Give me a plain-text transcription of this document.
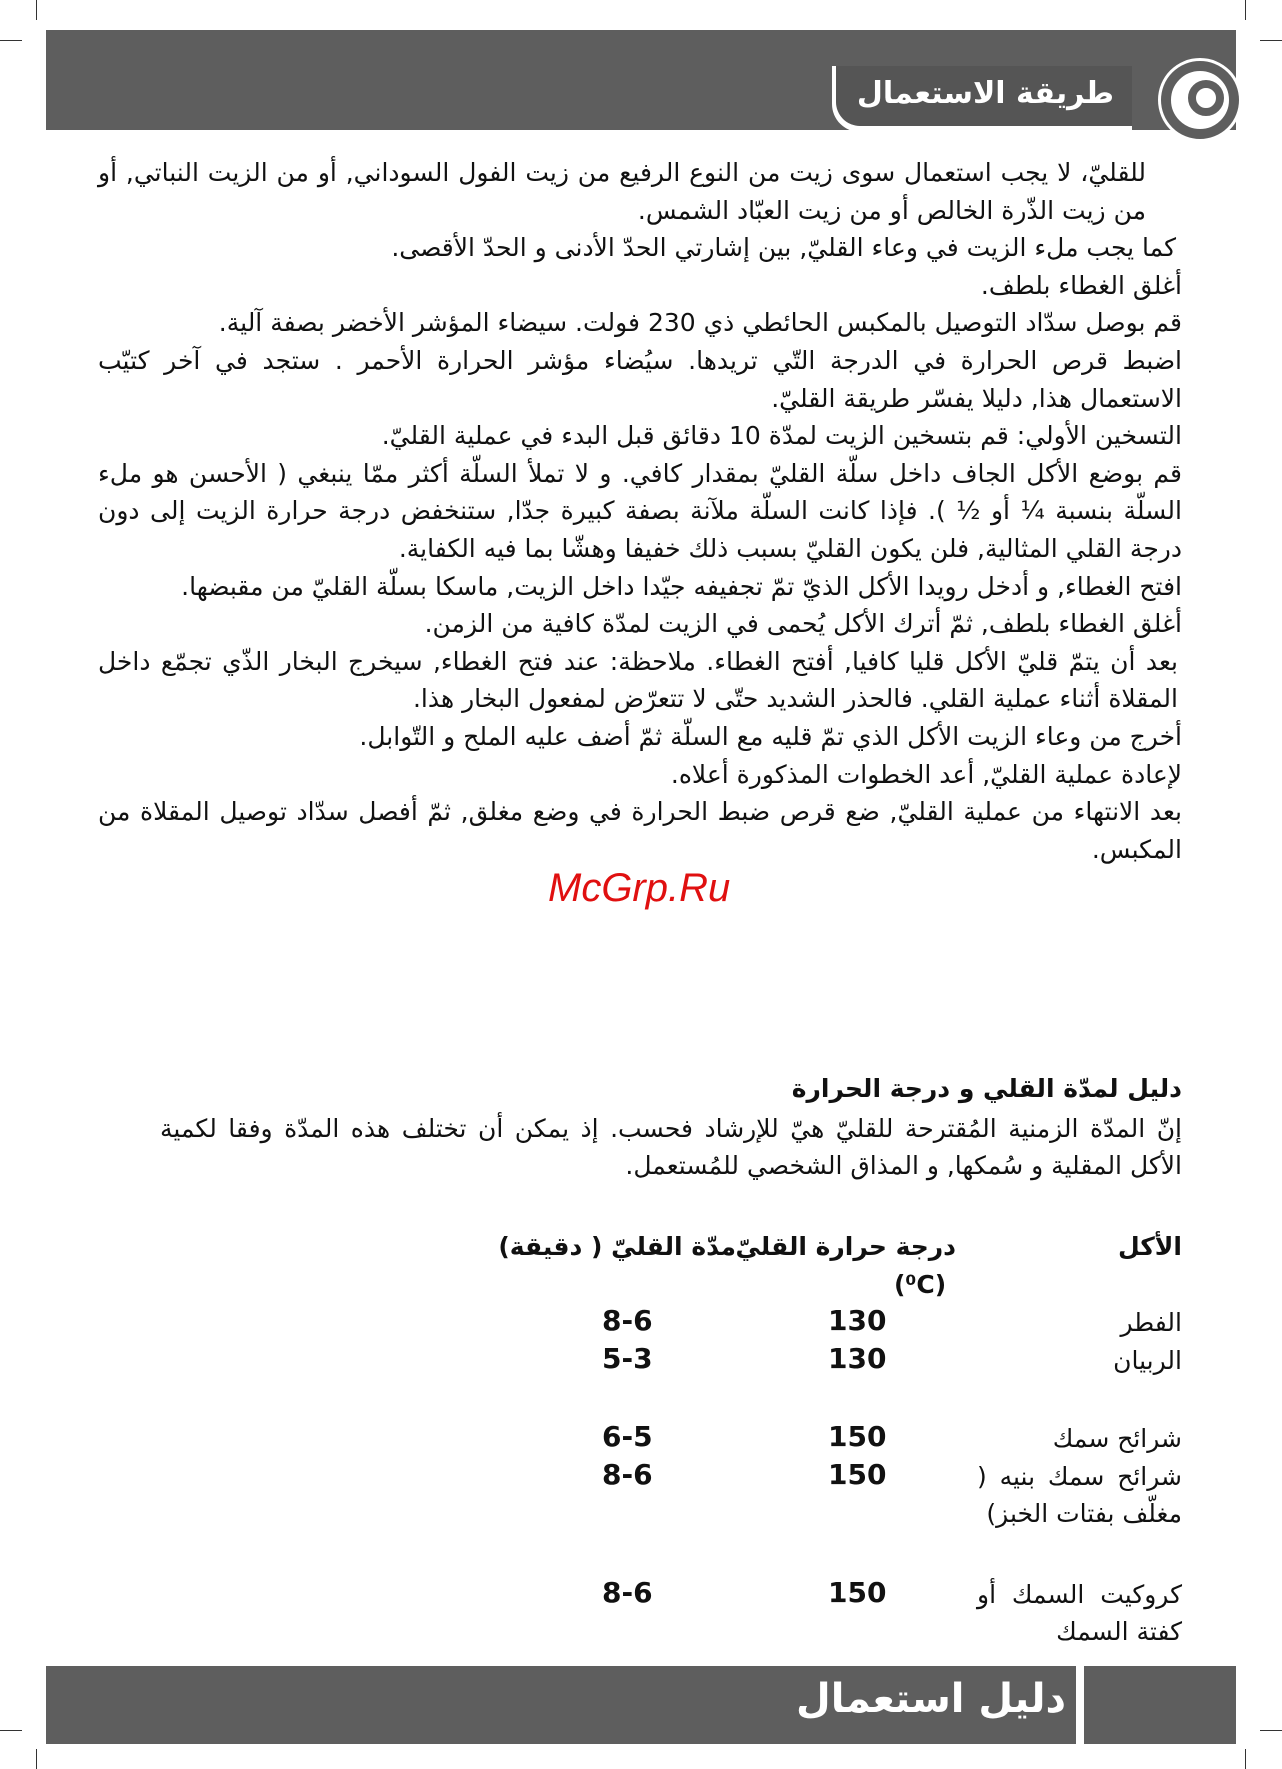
طريقة الاستعمال

للقليّ، لا يجب استعمال سوى زيت من النوع الرفيع من زيت الفول السوداني, أو من الزيت النباتي, أو من زيت الذّرة الخالص أو من زيت العبّاد الشمس.

كما يجب ملء الزيت في وعاء القليّ, بين إشارتي الحدّ الأدنى و الحدّ الأقصى.

أغلق الغطاء بلطف.

قم بوصل سدّاد التوصيل بالمكبس الحائطي ذي 230 فولت. سيضاء المؤشر الأخضر بصفة آلية.

اضبط قرص الحرارة في الدرجة التّي تريدها. سيُضاء مؤشر الحرارة الأحمر . ستجد في آخر كتيّب الاستعمال هذا, دليلا يفسّر طريقة القليّ.

التسخين الأولي: قم بتسخين الزيت لمدّة 10 دقائق قبل البدء في عملية القليّ.

قم بوضع الأكل الجاف داخل سلّة القليّ بمقدار كافي. و لا تملأ السلّة أكثر ممّا ينبغي ( الأحسن هو ملء السلّة بنسبة ¼ أو ½ ). فإذا كانت السلّة ملآنة بصفة كبيرة جدّا, ستنخفض درجة حرارة الزيت إلى دون درجة القلي المثالية, فلن يكون القليّ بسبب ذلك خفيفا وهشّا بما فيه الكفاية.

افتح الغطاء, و أدخل رويدا الأكل الذيّ تمّ تجفيفه جيّدا داخل الزيت, ماسكا بسلّة القليّ من مقبضها.

أغلق الغطاء بلطف, ثمّ أترك الأكل يُحمى في الزيت لمدّة كافية من الزمن.

بعد أن يتمّ قليّ الأكل قليا كافيا, أفتح الغطاء. ملاحظة: عند فتح الغطاء, سيخرج البخار الذّي تجمّع داخل المقلاة أثناء عملية القلي. فالحذر الشديد حتّى لا تتعرّض لمفعول البخار هذا.

أخرج من وعاء الزيت الأكل الذي تمّ قليه مع السلّة ثمّ أضف عليه الملح و التّوابل.

لإعادة عملية القليّ, أعد الخطوات المذكورة أعلاه.

بعد الانتهاء من عملية القليّ, ضع قرص ضبط الحرارة في وضع مغلق, ثمّ أفصل سدّاد توصيل المقلاة من المكبس.

McGrp.Ru
دليل لمدّة القلي و درجة الحرارة
إنّ المدّة الزمنية المُقترحة للقليّ هيّ للإرشاد فحسب. إذ يمكن أن تختلف هذه المدّة وفقا لكمية الأكل المقلية و سُمكها, و المذاق الشخصي للمُستعمل.
الأكل
درجة حرارة القليّ
(⁰C)
مدّة القليّ ( دقيقة)
الفطر
130
8-6
الربيان
130
5-3
شرائح سمك
150
6-5
شرائح سمك بنيه ( مغلّف بفتات الخبز)
150
8-6
كروكيت السمك أو كفتة السمك
150
8-6
دليل استعمال
